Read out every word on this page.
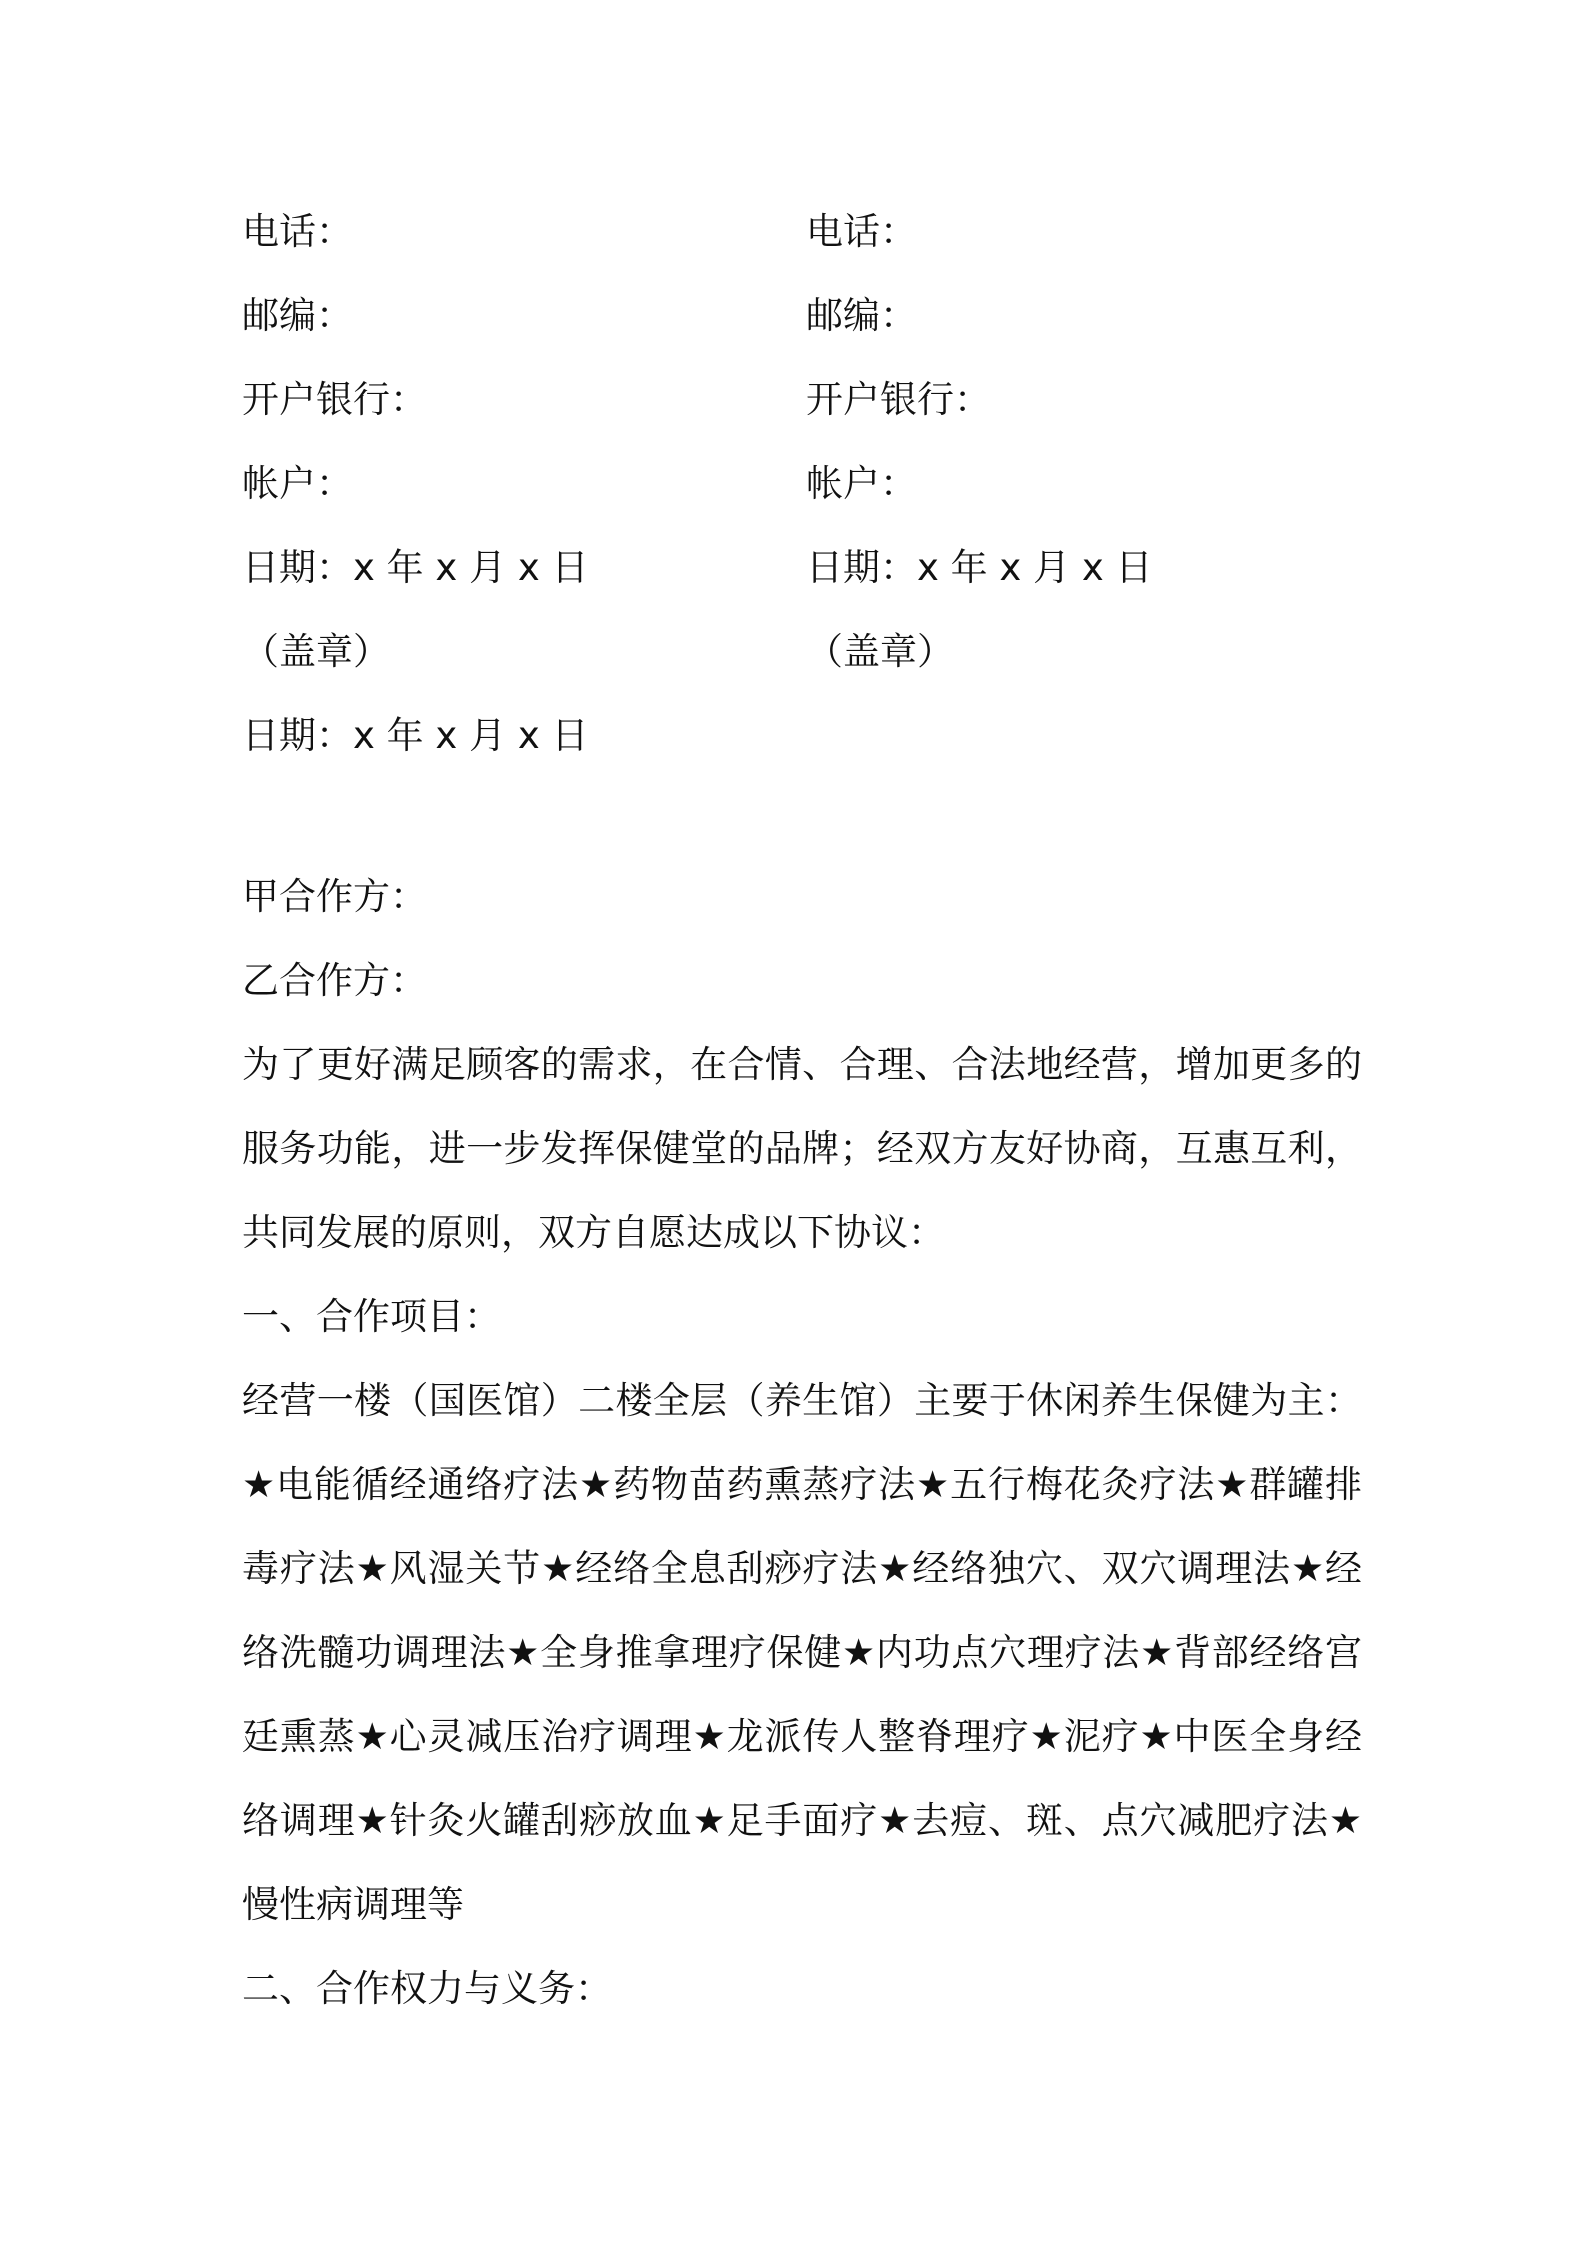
电话：
邮编：
开户银行：
帐户：
日期：x 年 x 月 x 日
（盖章）
日期：x 年 x 月 x 日
电话：
邮编：
开户银行：
帐户：
日期：x 年 x 月 x 日
（盖章）

甲合作方：

乙合作方：

为了更好满足顾客的需求，在合情、合理、合法地经营，增加更多的服务功能，进一步发挥保健堂的品牌；经双方友好协商，互惠互利，共同发展的原则，双方自愿达成以下协议：

一、合作项目：

经营一楼（国医馆）二楼全层（养生馆）主要于休闲养生保健为主：★电能循经通络疗法★药物苗药熏蒸疗法★五行梅花灸疗法★群罐排毒疗法★风湿关节★经络全息刮痧疗法★经络独穴、双穴调理法★经络洗髓功调理法★全身推拿理疗保健★内功点穴理疗法★背部经络宫廷熏蒸★心灵减压治疗调理★龙派传人整脊理疗★泥疗★中医全身经络调理★针灸火罐刮痧放血★足手面疗★去痘、斑、点穴减肥疗法★慢性病调理等

二、合作权力与义务：
